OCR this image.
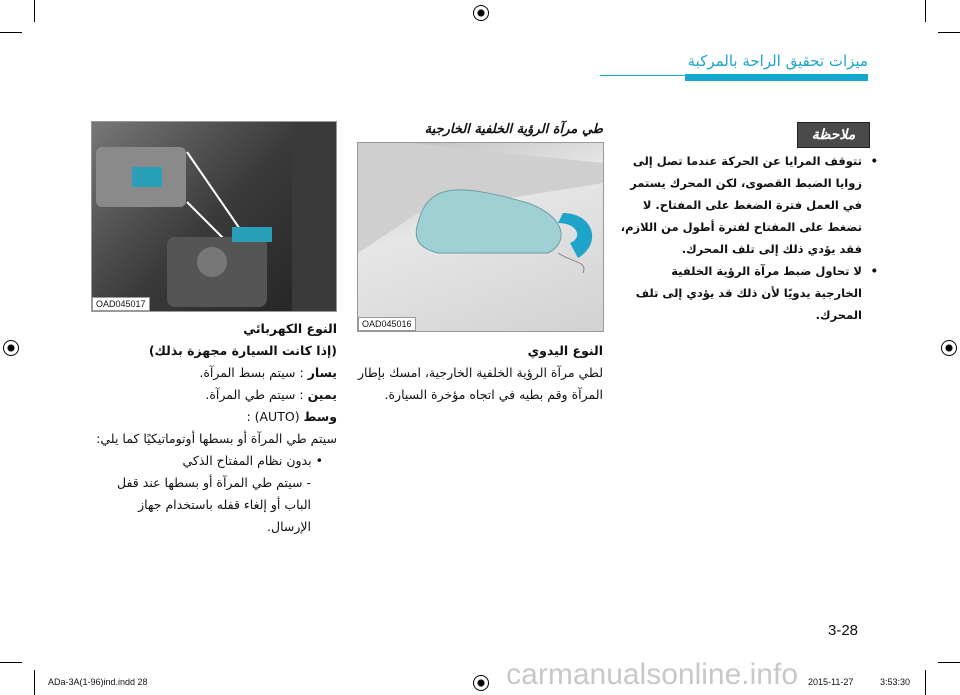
ميزات تحقيق الراحة بالمركبة
ملاحظة
•
تتوقف المرايا عن الحركة عندما تصل إلى زوايا الضبط القصوى، لكن المحرك يستمر في العمل فترة الضغط على المفتاح. لا تضغط على المفتاح لفترة أطول من اللازم، فقد يؤدي ذلك إلى تلف المحرك.
•
لا تحاول ضبط مرآة الرؤية الخلفية الخارجية يدويًا لأن ذلك قد يؤدي إلى تلف المحرك.
طي مرآة الرؤية الخلفية الخارجية
OAD045016
النوع اليدوي
لطي مرآة الرؤية الخلفية الخارجية، امسك بإطار المرآة وقم بطيه في اتجاه مؤخرة السيارة.
OAD045017
النوع الكهربائي
(إذا كانت السيارة مجهزة بذلك)
يسار : سيتم بسط المرآة.
يمين : سيتم طي المرآة.
وسط (AUTO) :
سيتم طي المرآة أو بسطها أوتوماتيكيًا كما يلي:
• بدون نظام المفتاح الذكي
- سيتم طي المرآة أو بسطها عند قفل الباب أو إلغاء قفله باستخدام جهاز الإرسال.
3-28
ADa-3A(1-96)ind.indd 28	carmanualsonline.info 2015-11-27	3:53:30
